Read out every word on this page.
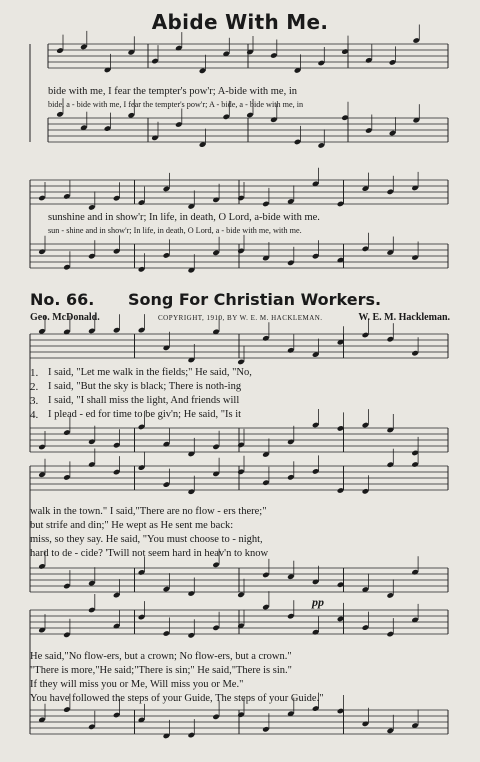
Abide With Me.
bide with me, I fear the tempter's pow'r; A-bide with me, in
bide, a - bide with me, I fear the tempter's pow'r; A - bide, a - bide with me, in
sunshine and in show'r; In life, in death, O Lord, a-bide with me.
sun - shine and in show'r; In life, in death, O Lord, a - bide with me, with me.
No. 66. Song For Christian Workers.
Geo. McDonald.	COPYRIGHT, 1910, BY W. E. M. HACKLEMAN.	W. E. M. Hackleman.
1.
2.
3.
4.
I said, "Let me walk in the fields;" He said, "No,
I said, "But the sky is black; There is noth-ing
I said, "I shall miss the light, And friends will
I plead - ed for time to be giv'n; He said, "Is it
walk in the town." I said,"There are no flow - ers there;"
but strife and din;" He wept as He sent me back:
miss, so they say. He said, "You must choose to - night,
hard to de - cide? 'Twill not seem hard in heav'n to know
pp
He said,"No flow-ers, but a crown; No flow-ers, but a crown."
"There is more,"He said;"There is sin;" He said,"There is sin."
If they will miss you or Me, Will miss you or Me."
You have followed the steps of your Guide, The steps of your Guide."
